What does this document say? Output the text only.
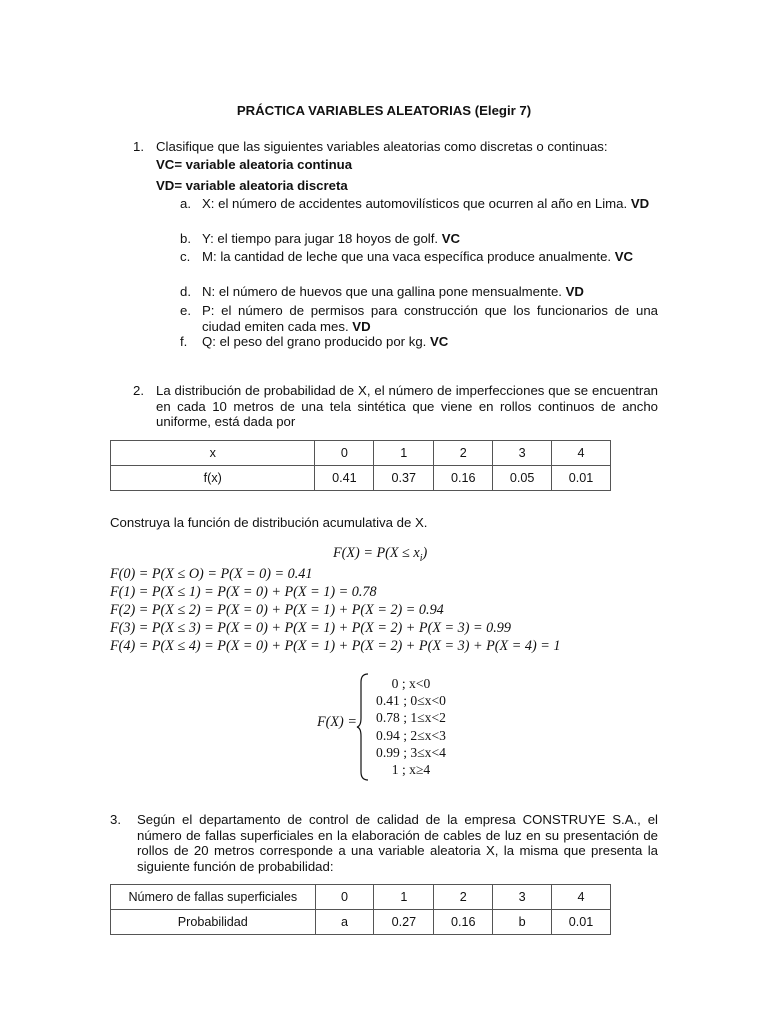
PRÁCTICA VARIABLES ALEATORIAS (Elegir 7)
1. Clasifique que las siguientes variables aleatorias como discretas o continuas:
VC= variable aleatoria continua
VD= variable aleatoria discreta
a. X: el número de accidentes automovilísticos que ocurren al año en Lima. VD
b. Y: el tiempo para jugar 18 hoyos de golf. VC
c. M: la cantidad de leche que una vaca específica produce anualmente. VC
d. N: el número de huevos que una gallina pone mensualmente. VD
e. P: el número de permisos para construcción que los funcionarios de una ciudad emiten cada mes. VD
f.	Q: el peso del grano producido por kg. VC
2. La distribución de probabilidad de X, el número de imperfecciones que se encuentran en cada 10 metros de una tela sintética que viene en rollos continuos de ancho uniforme, está dada por
x	0	1	2	3	4
f(x)	0.41	0.37	0.16	0.05	0.01
Construya la función de distribución acumulativa de X.
$F(X) = P(X \le x_i)$
F(0) = P(X ≤ O) = P(X = 0) = 0.41
F(1) = P(X ≤ 1) = P(X = 0) + P(X = 1) = 0.78
F(2) = P(X ≤ 2) = P(X = 0) + P(X = 1) + P(X = 2) = 0.94
F(3) = P(X ≤ 3) = P(X = 0) + P(X = 1) + P(X = 2) + P(X = 3) = 0.99
F(4) = P(X ≤ 4) = P(X = 0) + P(X = 1) + P(X = 2) + P(X = 3) + P(X = 4) = 1
F(X) =
0 ; x<0
0.41 ; 0≤x<0
0.78 ; 1≤x<2
0.94 ; 2≤x<3
0.99 ; 3≤x<4
1 ; x≥4
3.	Según el departamento de control de calidad de la empresa CONSTRUYE S.A., el número de fallas superficiales en la elaboración de cables de luz en su presentación de rollos de 20 metros corresponde a una variable aleatoria X, la misma que presenta la siguiente función de probabilidad:
Número de fallas superficiales	0	1	2	3	4
Probabilidad	a	0.27	0.16	b	0.01
